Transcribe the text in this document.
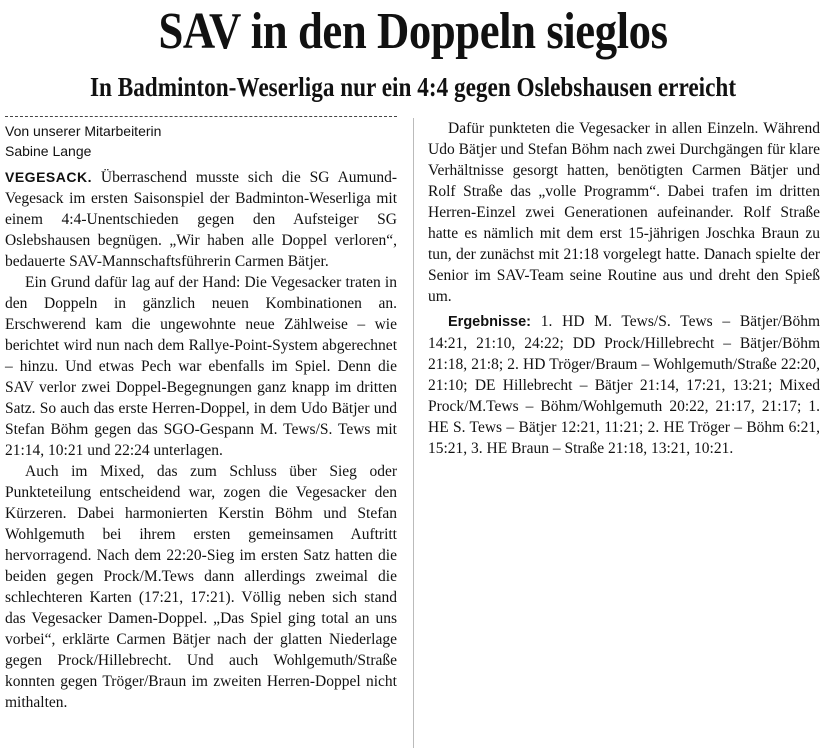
SAV in den Doppeln sieglos
In Badminton-Weserliga nur ein 4:4 gegen Oslebshausen erreicht
Von unserer Mitarbeiterin
Sabine Lange

VEGESACK. Überraschend musste sich die SG Aumund-Vegesack im ersten Saisonspiel der Badminton-Weserliga mit einem 4:4-Unentschieden gegen den Aufsteiger SG Oslebshausen begnügen. „Wir haben alle Doppel verloren“, bedauerte SAV-Mannschaftsführerin Carmen Bätjer.

Ein Grund dafür lag auf der Hand: Die Vegesacker traten in den Doppeln in gänzlich neuen Kombinationen an. Erschwerend kam die ungewohnte neue Zählweise – wie berichtet wird nun nach dem Rallye-Point-System abgerechnet – hinzu. Und etwas Pech war ebenfalls im Spiel. Denn die SAV verlor zwei Doppel-Begegnungen ganz knapp im dritten Satz. So auch das erste Herren-Doppel, in dem Udo Bätjer und Stefan Böhm gegen das SGO-Gespann M. Tews/S. Tews mit 21:14, 10:21 und 22:24 unterlagen.

Auch im Mixed, das zum Schluss über Sieg oder Punkteteilung entscheidend war, zogen die Vegesacker den Kürzeren. Dabei harmonierten Kerstin Böhm und Stefan Wohlgemuth bei ihrem ersten gemeinsamen Auftritt hervorragend. Nach dem 22:20-Sieg im ersten Satz hatten die beiden gegen Prock/M.Tews dann allerdings zweimal die schlechteren Karten (17:21, 17:21). Völlig neben sich stand das Vegesacker Damen-Doppel. „Das Spiel ging total an uns vorbei“, erklärte Carmen Bätjer nach der glatten Niederlage gegen Prock/Hillebrecht. Und auch Wohlgemuth/Straße konnten gegen Tröger/Braun im zweiten Herren-Doppel nicht mithalten.

Dafür punkteten die Vegesacker in allen Einzeln. Während Udo Bätjer und Stefan Böhm nach zwei Durchgängen für klare Verhältnisse gesorgt hatten, benötigten Carmen Bätjer und Rolf Straße das „volle Programm“. Dabei trafen im dritten Herren-Einzel zwei Generationen aufeinander. Rolf Straße hatte es nämlich mit dem erst 15-jährigen Joschka Braun zu tun, der zunächst mit 21:18 vorgelegt hatte. Danach spielte der Senior im SAV-Team seine Routine aus und dreht den Spieß um.

Ergebnisse: 1. HD M. Tews/S. Tews – Bätjer/Böhm 14:21, 21:10, 24:22; DD Prock/Hillebrecht – Bätjer/Böhm 21:18, 21:8; 2. HD Tröger/Braum – Wohlgemuth/Straße 22:20, 21:10; DE Hillebrecht – Bätjer 21:14, 17:21, 13:21; Mixed Prock/M.Tews – Böhm/Wohlgemuth 20:22, 21:17, 21:17; 1. HE S. Tews – Bätjer 12:21, 11:21; 2. HE Tröger – Böhm 6:21, 15:21, 3. HE Braun – Straße 21:18, 13:21, 10:21.
